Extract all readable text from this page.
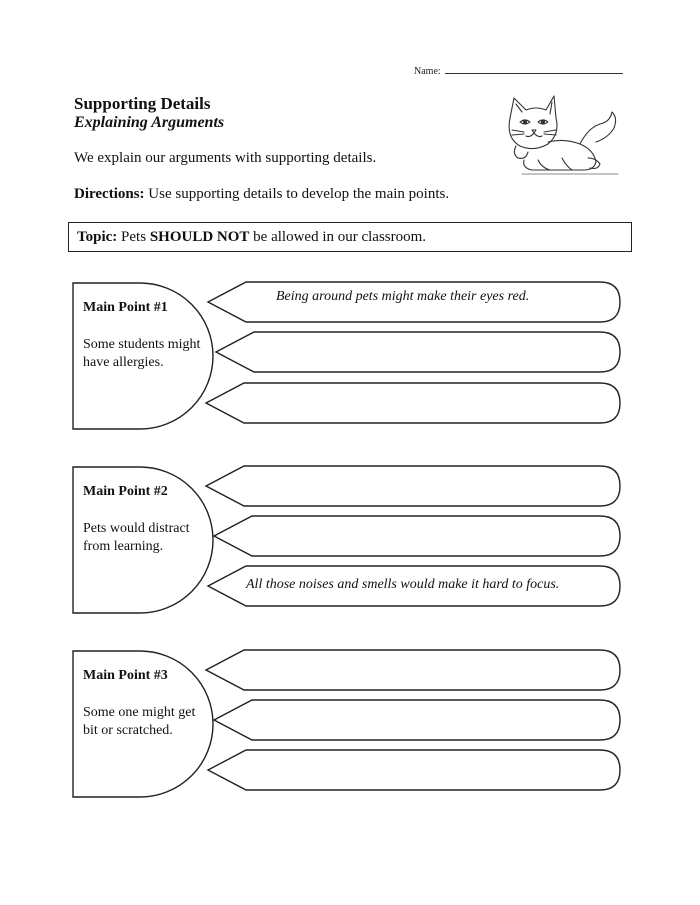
Name:
Supporting Details
Explaining Arguments
We explain our arguments with supporting details.
Directions: Use supporting details to develop the main points.
Topic: Pets SHOULD NOT be allowed in our classroom.
Main Point #1
Some students might have allergies.
Being around pets might make their eyes red.
Main Point #2
Pets would distract from learning.
All those noises and smells would make it hard to focus.
Main Point #3
Some one might get bit or scratched.
